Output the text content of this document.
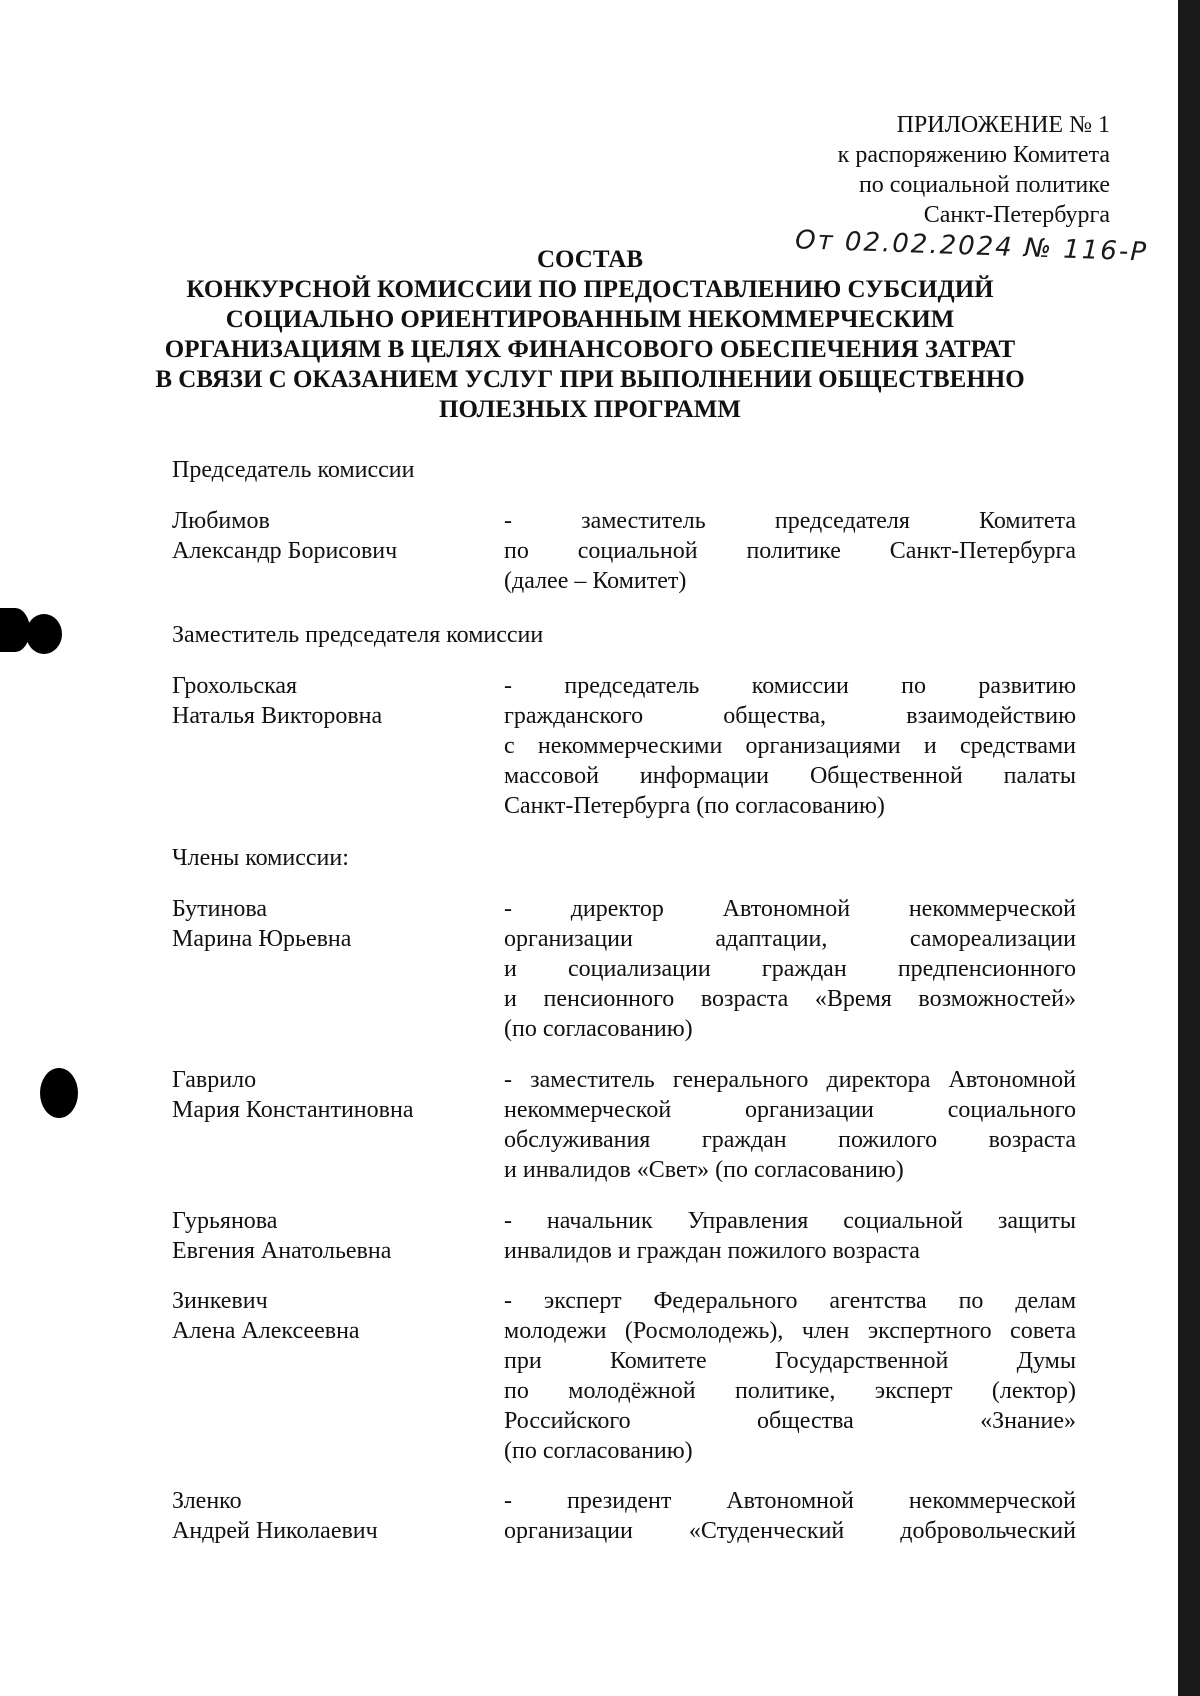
ПРИЛОЖЕНИЕ № 1
к распоряжению Комитета
по социальной политике
Санкт-Петербурга
От 02.02.2024 № 116-Р
СОСТАВ
КОНКУРСНОЙ КОМИССИИ ПО ПРЕДОСТАВЛЕНИЮ СУБСИДИЙ
СОЦИАЛЬНО ОРИЕНТИРОВАННЫМ НЕКОММЕРЧЕСКИМ
ОРГАНИЗАЦИЯМ В ЦЕЛЯХ ФИНАНСОВОГО ОБЕСПЕЧЕНИЯ ЗАТРАТ
В СВЯЗИ С ОКАЗАНИЕМ УСЛУГ ПРИ ВЫПОЛНЕНИИ ОБЩЕСТВЕННО
ПОЛЕЗНЫХ ПРОГРАММ
Председатель комиссии
Любимов
Александр Борисович
- заместитель председателя Комитета
по социальной политике Санкт-Петербурга
(далее – Комитет)
Заместитель председателя комиссии
Грохольская
Наталья Викторовна
- председатель комиссии по развитию
гражданского общества, взаимодействию
с некоммерческими организациями и средствами
массовой информации Общественной палаты
Санкт-Петербурга (по согласованию)
Члены комиссии:
Бутинова
Марина Юрьевна
- директор Автономной некоммерческой
организации адаптации, самореализации
и социализации граждан предпенсионного
и пенсионного возраста «Время возможностей»
(по согласованию)
Гаврило
Мария Константиновна
- заместитель генерального директора Автономной
некоммерческой организации социального
обслуживания граждан пожилого возраста
и инвалидов «Свет» (по согласованию)
Гурьянова
Евгения Анатольевна
- начальник Управления социальной защиты
инвалидов и граждан пожилого возраста
Зинкевич
Алена Алексеевна
- эксперт Федерального агентства по делам
молодежи (Росмолодежь), член экспертного совета
при Комитете Государственной Думы
по молодёжной политике, эксперт (лектор)
Российского общества «Знание»
(по согласованию)
Зленко
Андрей Николаевич
- президент Автономной некоммерческой
организации «Студенческий добровольческий
